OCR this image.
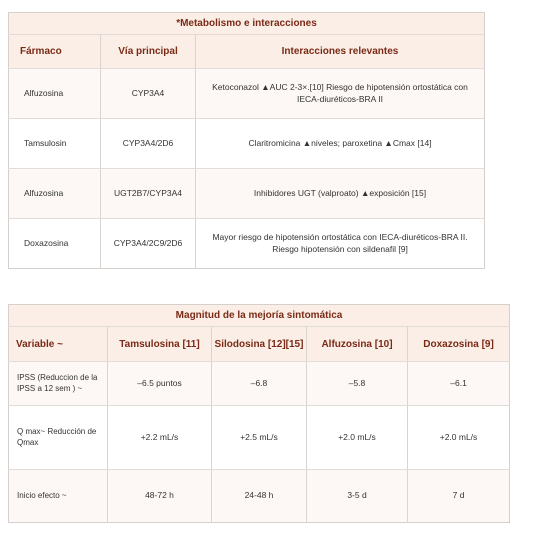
*Metabolismo e interacciones		
Fármaco	Vía principal	Interacciones relevantes
Alfuzosina	CYP3A4	Ketoconazol ▲AUC 2-3×.[10] Riesgo de hipotensión ortostática con IECA-diuréticos-BRA II
Tamsulosin	CYP3A4/2D6	Claritromicina ▲niveles; paroxetina ▲Cmax [14]
Alfuzosina	UGT2B7/CYP3A4	Inhibidores UGT (valproato) ▲exposición [15]
Doxazosina	CYP3A4/2C9/2D6	Mayor riesgo de hipotensión ortostática con IECA-diuréticos-BRA II. Riesgo hipotensión con sildenafil [9]
Magnitud de la mejoría sintomática				
Variable ~	Tamsulosina [11]	Silodosina [12][15]	Alfuzosina [10]	Doxazosina [9]
IPSS (Reduccion de la IPSS a 12 sem ) ~	–6.5 puntos	–6.8	–5.8	–6.1
Q max~ Reducción de Qmax	+2.2 mL/s	+2.5 mL/s	+2.0 mL/s	+2.0 mL/s
Inicio efecto ~	48-72 h	24-48 h	3-5 d	7 d
